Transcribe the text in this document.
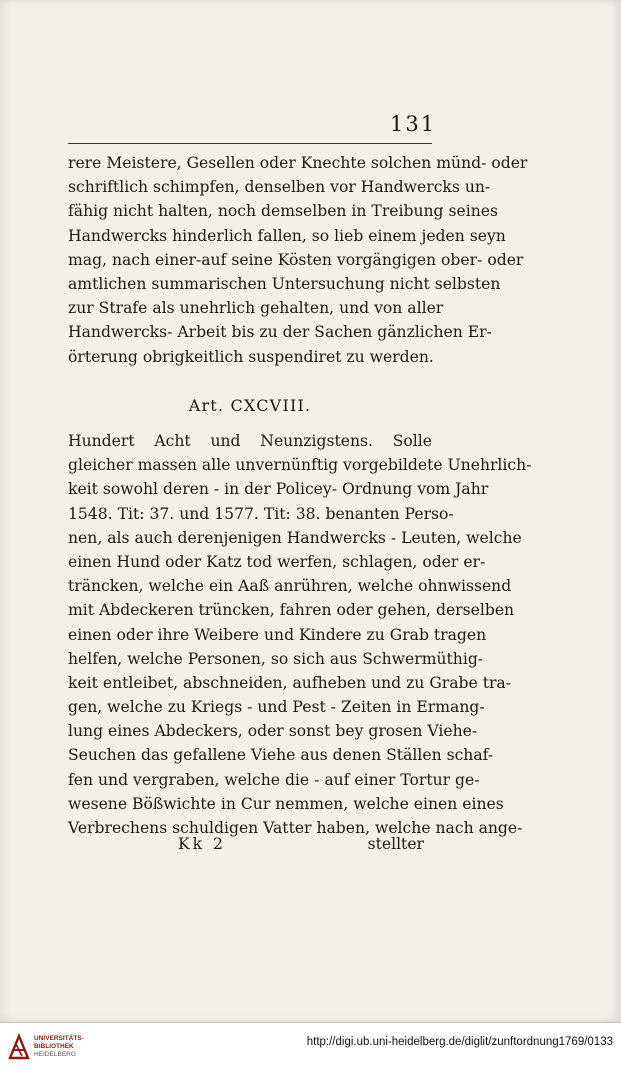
131
rere Meistere, Gesellen oder Knechte solchen münd- oder
schriftlich schimpfen, denselben vor Handwercks un-
fähig nicht halten, noch demselben in Treibung seines
Handwercks hinderlich fallen, so lieb einem jeden seyn
mag, nach einer-auf seine Kösten vorgängigen ober- oder
amtlichen summarischen Untersuchung nicht selbsten
zur Strafe als unehrlich gehalten, und von aller
Handwercks- Arbeit bis zu der Sachen gänzlichen Er-
örterung obrigkeitlich suspendiret zu werden.
Art. CXCVIII.
Hundert Acht und Neunzigstens. Solle
gleicher massen alle unvernünftig vorgebildete Unehrlich-
keit sowohl deren - in der Policey- Ordnung vom Jahr
1548. Tit: 37. und 1577. Tit: 38. benanten Perso-
nen, als auch derenjenigen Handwercks - Leuten, welche
einen Hund oder Katz tod werfen, schlagen, oder er-
träncken, welche ein Aaß anrühren, welche ohnwissend
mit Abdeckeren trüncken, fahren oder gehen, derselben
einen oder ihre Weibere und Kindere zu Grab tragen
helfen, welche Personen, so sich aus Schwermüthig-
keit entleibet, abschneiden, aufheben und zu Grabe tra-
gen, welche zu Kriegs - und Pest - Zeiten in Ermang-
lung eines Abdeckers, oder sonst bey grosen Viehe-
Seuchen das gefallene Viehe aus denen Ställen schaf-
fen und vergraben, welche die - auf einer Tortur ge-
wesene Bößwichte in Cur nemmen, welche einen eines
Verbrechens schuldigen Vatter haben, welche nach ange-
Kk 2	stellter
UNIVERSITÄTS-
BIBLIOTHEK
HEIDELBERG
http://digi.ub.uni-heidelberg.de/diglit/zunftordnung1769/0133
